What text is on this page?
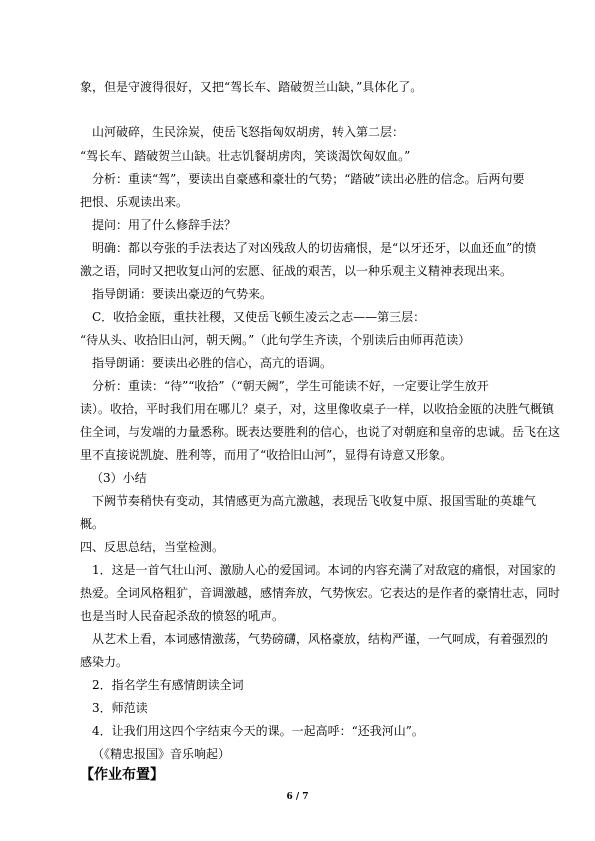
象，但是守渡得很好，又把“驾长车、踏破贺兰山缺，”具体化了。
山河破碎，生民涂炭，使岳飞怒指匈奴胡虏，转入第二层：
“驾长车、踏破贺兰山缺。壮志饥餐胡虏肉，笑谈渴饮匈奴血。”
分析：重读“驾”，要读出自豪感和豪壮的气势；“踏破”读出必胜的信念。后两句要
把恨、乐观读出来。
提问：用了什么修辞手法？
明确：都以夸张的手法表达了对凶残敌人的切齿痛恨，是“以牙还牙，以血还血”的愤
激之语，同时又把收复山河的宏愿、征战的艰苦，以一种乐观主义精神表现出来。
指导朗诵：要读出豪迈的气势来。
C．收拾金瓯，重扶社稷，又使岳飞顿生凌云之志——第三层：
“待从头、收拾旧山河，朝天阙。”（此句学生齐读，个别读后由师再范读）
指导朗诵：要读出必胜的信心，高亢的语调。
分析：重读：“待”“收拾”（“朝天阙”，学生可能读不好，一定要让学生放开
读）。收拾，平时我们用在哪儿？桌子，对，这里像收桌子一样，以收拾金瓯的决胜气概镇
住全词，与发端的力量悉称。既表达要胜利的信心，也说了对朝庭和皇帝的忠诚。岳飞在这
里不直接说凯旋、胜利等，而用了“收拾旧山河”，显得有诗意又形象。
（3）小结
下阙节奏稍快有变动，其情感更为高亢激越，表现岳飞收复中原、报国雪耻的英雄气
概。
四、反思总结，当堂检测。
1．这是一首气壮山河、激励人心的爱国词。本词的内容充满了对敌寇的痛恨，对国家的
热爱。全词风格粗犷，音调激越，感情奔放，气势恢宏。它表达的是作者的豪情壮志，同时
也是当时人民奋起杀敌的愤怒的吼声。
从艺术上看，本词感情激荡，气势磅礴，风格豪放，结构严谨，一气呵成，有着强烈的
感染力。
2．指名学生有感情朗读全词
3．师范读
4．让我们用这四个字结束今天的课。一起高呼：“还我河山”。
（《精忠报国》音乐响起）
【作业布置】
6 / 7
